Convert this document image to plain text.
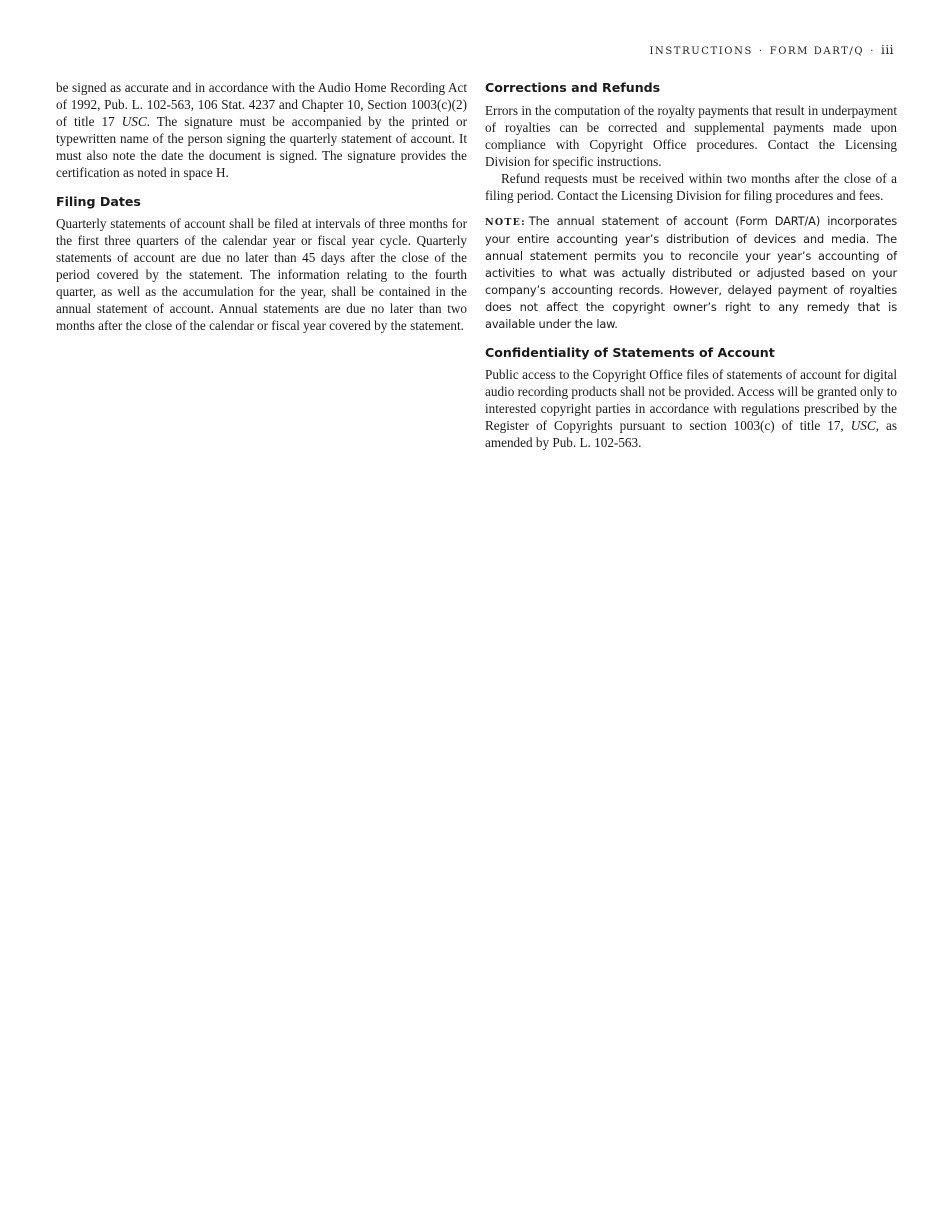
INSTRUCTIONS · FORM DART/Q · iii

be signed as accurate and in accordance with the Audio Home Recording Act of 1992, Pub. L. 102-563, 106 Stat. 4237 and Chapter 10, Section 1003(c)(2) of title 17 USC. The signature must be accompanied by the printed or typewritten name of the person signing the quarterly statement of account. It must also note the date the document is signed. The signature provides the certification as noted in space H.

Filing Dates

Quarterly statements of account shall be filed at intervals of three months for the first three quarters of the calendar year or fiscal year cycle. Quarterly statements of account are due no later than 45 days after the close of the period covered by the statement. The information relating to the fourth quarter, as well as the accumulation for the year, shall be contained in the annual statement of account. Annual statements are due no later than two months after the close of the calendar or fiscal year covered by the statement.

Corrections and Refunds

Errors in the computation of the royalty payments that result in underpayment of royalties can be corrected and supplemental payments made upon compliance with Copyright Office procedures. Contact the Licensing Division for specific instructions.

Refund requests must be received within two months after the close of a filing period. Contact the Licensing Division for filing procedures and fees.

NOTE: The annual statement of account (Form DART/A) incorporates your entire accounting year’s distribution of devices and media. The annual statement permits you to reconcile your year’s accounting of activities to what was actually distributed or adjusted based on your company’s accounting records. However, delayed payment of royalties does not affect the copyright owner’s right to any remedy that is available under the law.
Confidentiality of Statements of Account

Public access to the Copyright Office files of statements of account for digital audio recording products shall not be provided. Access will be granted only to interested copyright parties in accordance with regulations prescribed by the Register of Copyrights pursuant to section 1003(c) of title 17, USC, as amended by Pub. L. 102-563.
